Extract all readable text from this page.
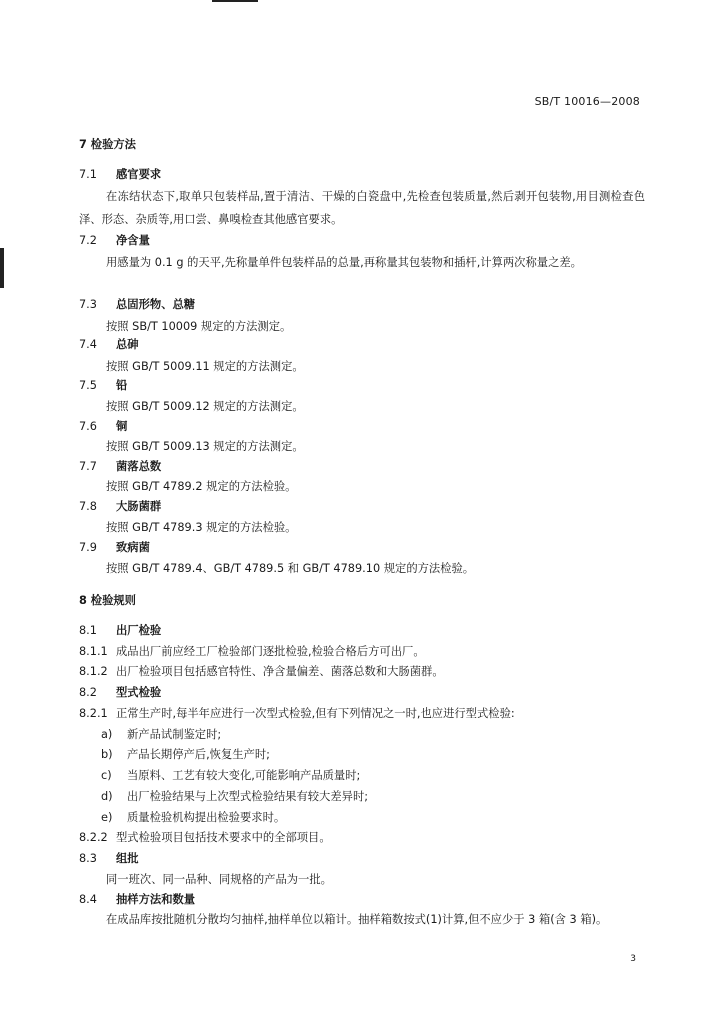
SB/T 10016—2008
7 检验方法
7.1 感官要求
在冻结状态下,取单只包装样品,置于清洁、干燥的白瓷盘中,先检查包装质量,然后剥开包装物,用目测检查色泽、形态、杂质等,用口尝、鼻嗅检查其他感官要求。
7.2 净含量
用感量为 0.1 g 的天平,先称量单件包装样品的总量,再称量其包装物和插杆,计算两次称量之差。
7.3 总固形物、总糖
按照 SB/T 10009 规定的方法测定。
7.4 总砷
按照 GB/T 5009.11 规定的方法测定。
7.5 铅
按照 GB/T 5009.12 规定的方法测定。
7.6 铜
按照 GB/T 5009.13 规定的方法测定。
7.7 菌落总数
按照 GB/T 4789.2 规定的方法检验。
7.8 大肠菌群
按照 GB/T 4789.3 规定的方法检验。
7.9 致病菌
按照 GB/T 4789.4、GB/T 4789.5 和 GB/T 4789.10 规定的方法检验。
8 检验规则
8.1 出厂检验
8.1.1 成品出厂前应经工厂检验部门逐批检验,检验合格后方可出厂。
8.1.2 出厂检验项目包括感官特性、净含量偏差、菌落总数和大肠菌群。
8.2 型式检验
8.2.1 正常生产时,每半年应进行一次型式检验,但有下列情况之一时,也应进行型式检验:
a) 新产品试制鉴定时;
b) 产品长期停产后,恢复生产时;
c) 当原料、工艺有较大变化,可能影响产品质量时;
d) 出厂检验结果与上次型式检验结果有较大差异时;
e) 质量检验机构提出检验要求时。
8.2.2 型式检验项目包括技术要求中的全部项目。
8.3 组批
同一班次、同一品种、同规格的产品为一批。
8.4 抽样方法和数量
在成品库按批随机分散均匀抽样,抽样单位以箱计。抽样箱数按式(1)计算,但不应少于 3 箱(含 3 箱)。
3
